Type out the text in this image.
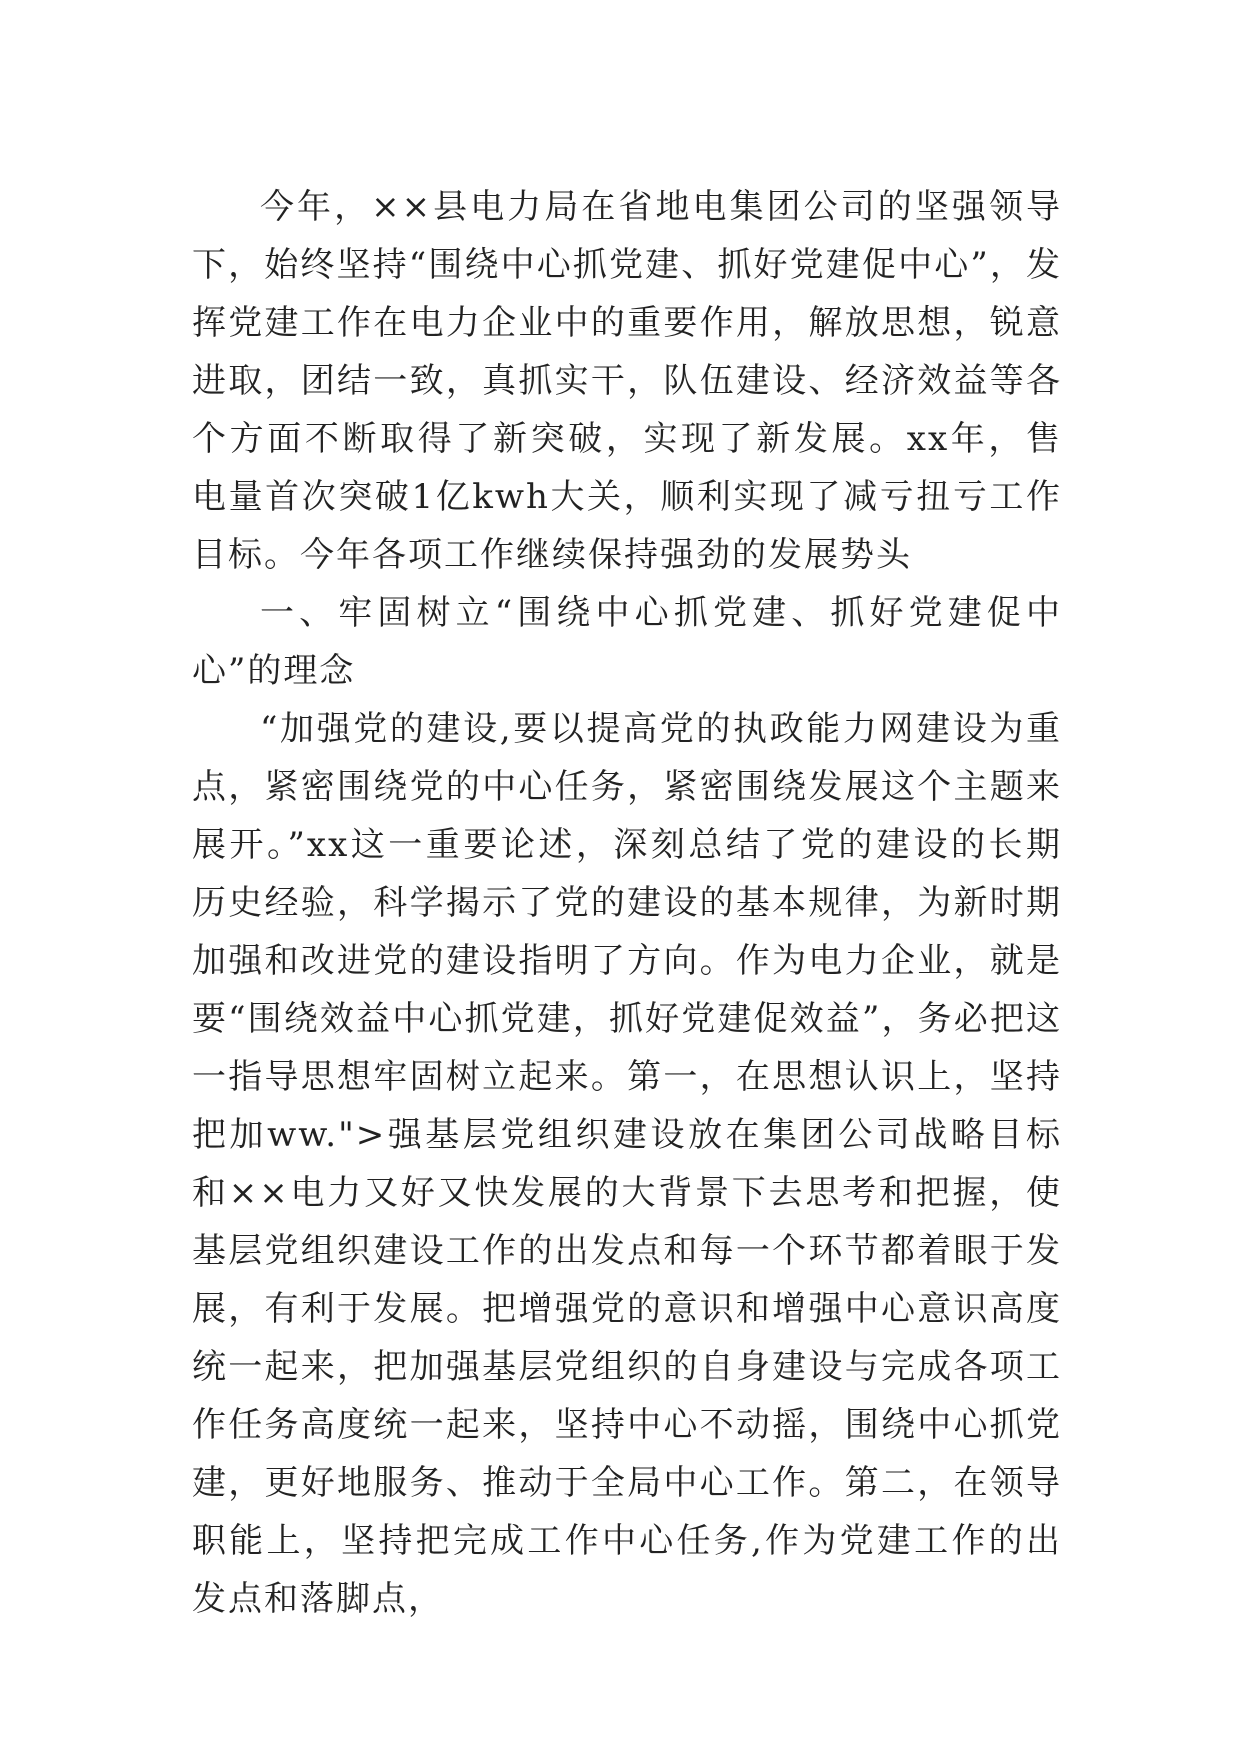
今年，××县电力局在省地电集团公司的坚强领导下，始终坚持“围绕中心抓党建、抓好党建促中心”，发挥党建工作在电力企业中的重要作用，解放思想，锐意进取，团结一致，真抓实干，队伍建设、经济效益等各个方面不断取得了新突破，实现了新发展。xx年，售电量首次突破1亿kwh大关，顺利实现了减亏扭亏工作目标。今年各项工作继续保持强劲的发展势头

一、牢固树立“围绕中心抓党建、抓好党建促中心”的理念

“加强党的建设,要以提高党的执政能力网建设为重点，紧密围绕党的中心任务，紧密围绕发展这个主题来展开。”xx这一重要论述，深刻总结了党的建设的长期历史经验，科学揭示了党的建设的基本规律，为新时期加强和改进党的建设指明了方向。作为电力企业，就是要“围绕效益中心抓党建，抓好党建促效益”，务必把这一指导思想牢固树立起来。第一，在思想认识上，坚持把加ww.">强基层党组织建设放在集团公司战略目标和××电力又好又快发展的大背景下去思考和把握，使基层党组织建设工作的出发点和每一个环节都着眼于发展，有利于发展。把增强党的意识和增强中心意识高度统一起来，把加强基层党组织的自身建设与完成各项工作任务高度统一起来，坚持中心不动摇，围绕中心抓党建，更好地服务、推动于全局中心工作。第二，在领导职能上，坚持把完成工作中心任务,作为党建工作的出发点和落脚点，
